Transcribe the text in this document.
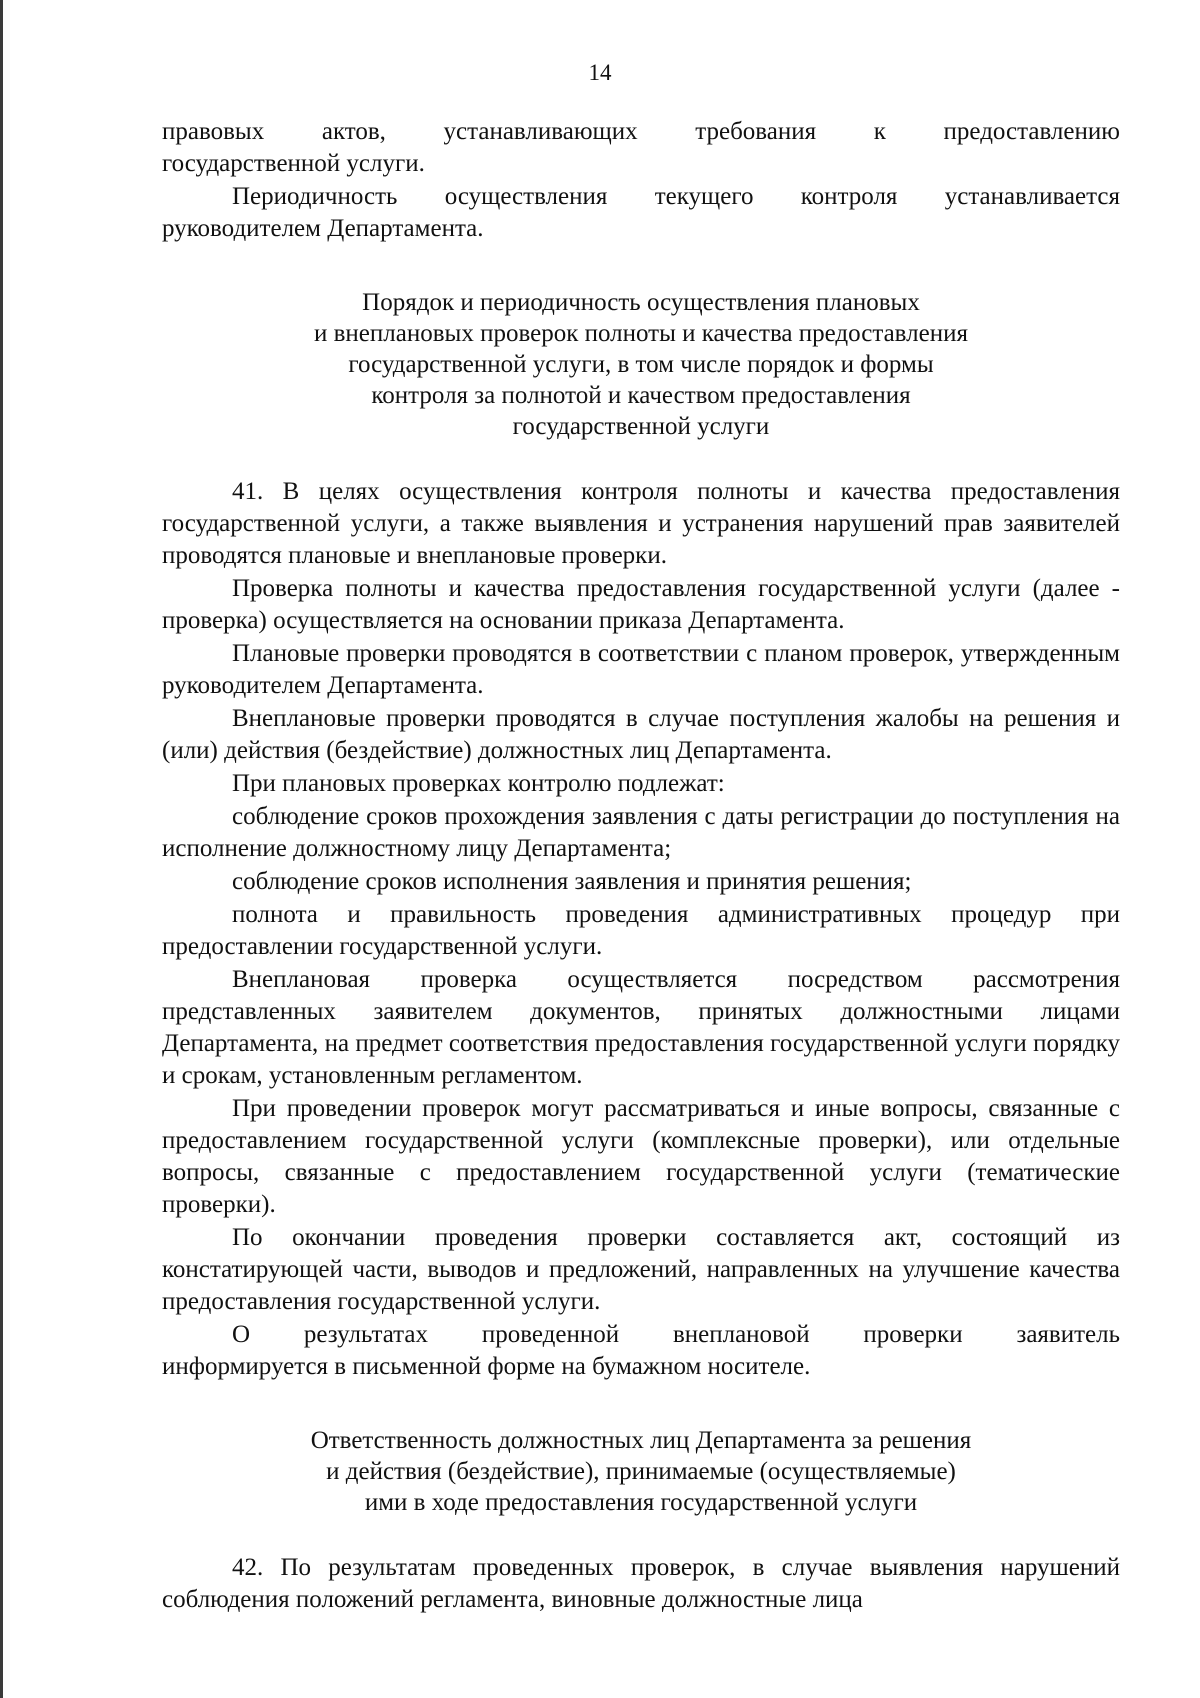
14
правовых актов, устанавливающих требования к предоставлению
государственной услуги.
Периодичность осуществления текущего контроля устанавливается
руководителем Департамента.
Порядок и периодичность осуществления плановых
и внеплановых проверок полноты и качества предоставления
государственной услуги, в том числе порядок и формы
контроля за полнотой и качеством предоставления
государственной услуги

41. В целях осуществления контроля полноты и качества предоставления государственной услуги, а также выявления и устранения нарушений прав заявителей проводятся плановые и внеплановые проверки.

Проверка полноты и качества предоставления государственной услуги (далее - проверка) осуществляется на основании приказа Департамента.

Плановые проверки проводятся в соответствии с планом проверок, утвержденным руководителем Департамента.

Внеплановые проверки проводятся в случае поступления жалобы на решения и (или) действия (бездействие) должностных лиц Департамента.

При плановых проверках контролю подлежат:

соблюдение сроков прохождения заявления с даты регистрации до поступления на исполнение должностному лицу Департамента;

соблюдение сроков исполнения заявления и принятия решения;

полнота и правильность проведения административных процедур при предоставлении государственной услуги.

Внеплановая проверка осуществляется посредством рассмотрения представленных заявителем документов, принятых должностными лицами Департамента, на предмет соответствия предоставления государственной услуги порядку и срокам, установленным регламентом.

При проведении проверок могут рассматриваться и иные вопросы, связанные с предоставлением государственной услуги (комплексные проверки), или отдельные вопросы, связанные с предоставлением государственной услуги (тематические проверки).

По окончании проведения проверки составляется акт, состоящий из констатирующей части, выводов и предложений, направленных на улучшение качества предоставления государственной услуги.

О результатах проведенной внеплановой проверки заявитель
информируется в письменной форме на бумажном носителе.
Ответственность должностных лиц Департамента за решения
и действия (бездействие), принимаемые (осуществляемые)
ими в ходе предоставления государственной услуги

42. По результатам проведенных проверок, в случае выявления нарушений соблюдения положений регламента, виновные должностные лица
